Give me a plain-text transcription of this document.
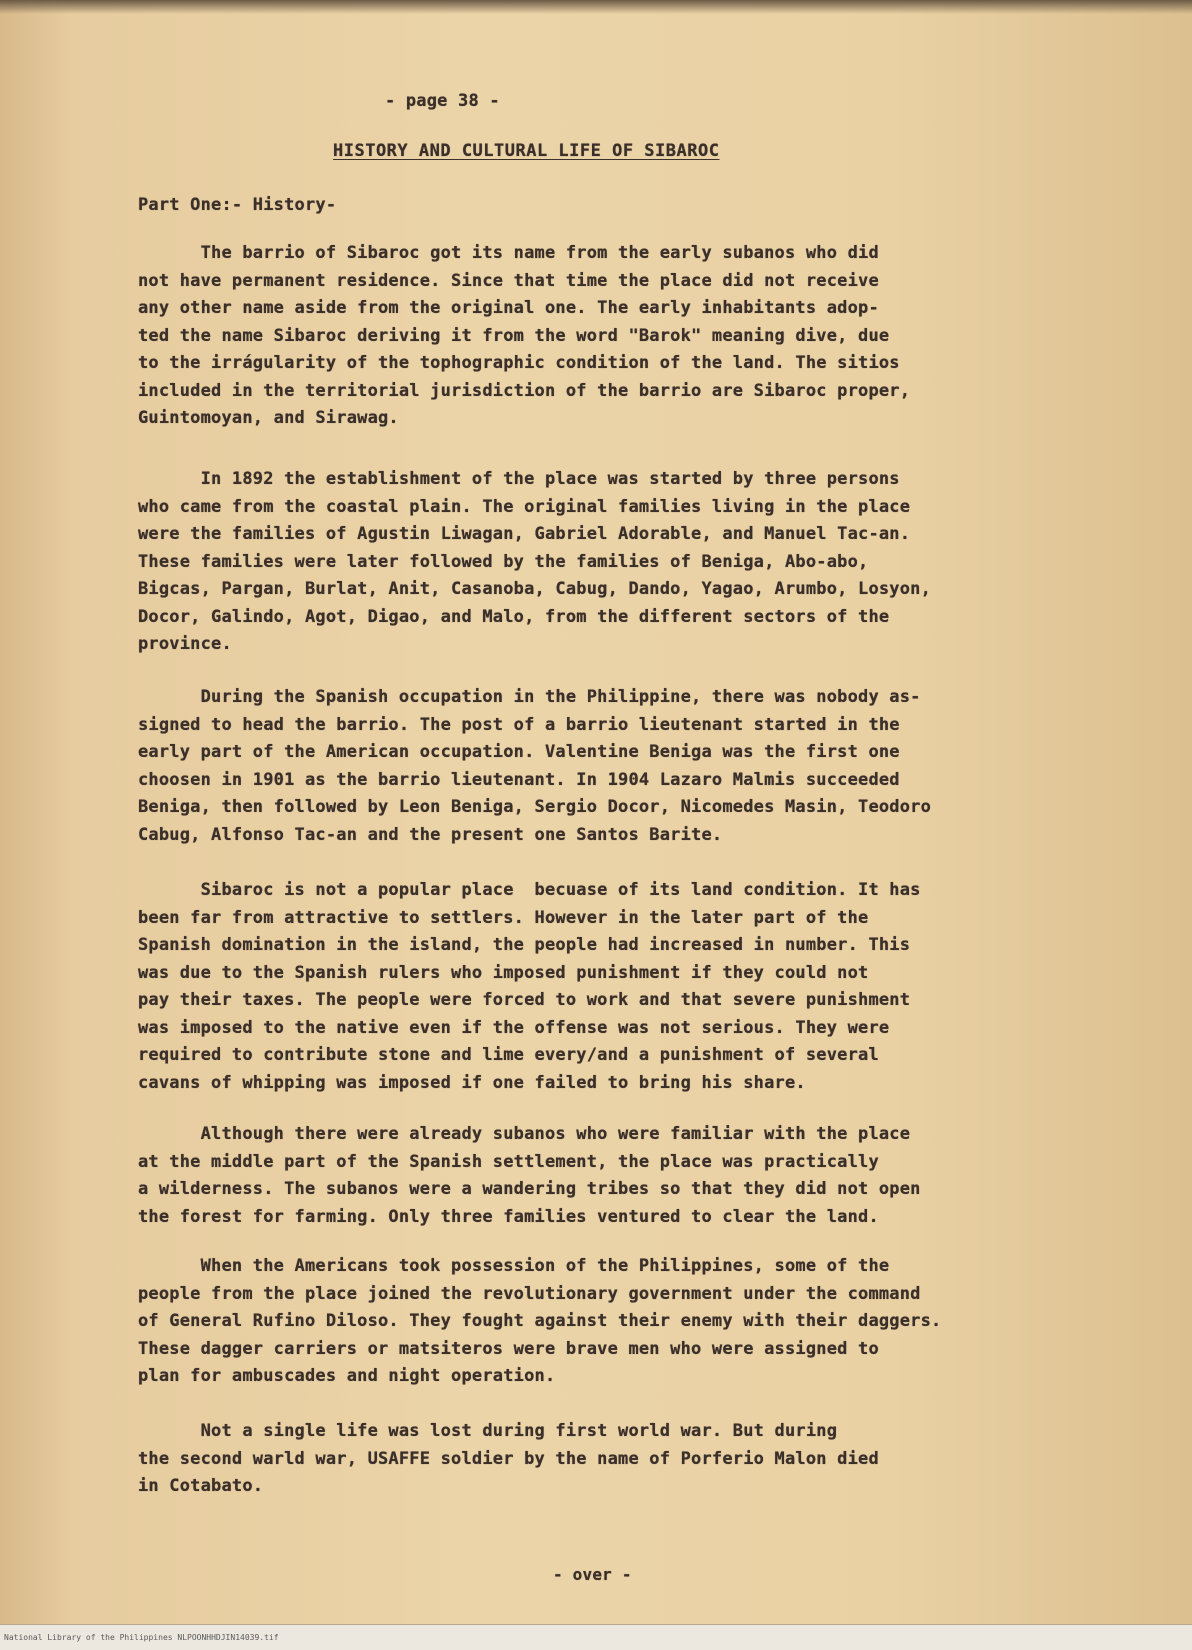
- page 38 -
HISTORY AND CULTURAL LIFE OF SIBAROC
Part One:- History-
The barrio of Sibaroc got its name from the early subanos who did
not have permanent residence. Since that time the place did not receive
any other name aside from the original one. The early inhabitants adop-
ted the name Sibaroc deriving it from the word "Barok" meaning dive, due
to the irrágularity of the tophographic condition of the land. The sitios
included in the territorial jurisdiction of the barrio are Sibaroc proper,
Guintomoyan, and Sirawag.
In 1892 the establishment of the place was started by three persons
who came from the coastal plain. The original families living in the place
were the families of Agustin Liwagan, Gabriel Adorable, and Manuel Tac-an.
These families were later followed by the families of Beniga, Abo-abo,
Bigcas, Pargan, Burlat, Anit, Casanoba, Cabug, Dando, Yagao, Arumbo, Losyon,
Docor, Galindo, Agot, Digao, and Malo, from the different sectors of the
province.
During the Spanish occupation in the Philippine, there was nobody as-
signed to head the barrio. The post of a barrio lieutenant started in the
early part of the American occupation. Valentine Beniga was the first one
choosen in 1901 as the barrio lieutenant. In 1904 Lazaro Malmis succeeded
Beniga, then followed by Leon Beniga, Sergio Docor, Nicomedes Masin, Teodoro
Cabug, Alfonso Tac-an and the present one Santos Barite.
Sibaroc is not a popular place  becuase of its land condition. It has
been far from attractive to settlers. However in the later part of the
Spanish domination in the island, the people had increased in number. This
was due to the Spanish rulers who imposed punishment if they could not
pay their taxes. The people were forced to work and that severe punishment
was imposed to the native even if the offense was not serious. They were
required to contribute stone and lime every/and a punishment of several
cavans of whipping was imposed if one failed to bring his share.
Although there were already subanos who were familiar with the place
at the middle part of the Spanish settlement, the place was practically
a wilderness. The subanos were a wandering tribes so that they did not open
the forest for farming. Only three families ventured to clear the land.
When the Americans took possession of the Philippines, some of the
people from the place joined the revolutionary government under the command
of General Rufino Diloso. They fought against their enemy with their daggers.
These dagger carriers or matsiteros were brave men who were assigned to
plan for ambuscades and night operation.
Not a single life was lost during first world war. But during
the second warld war, USAFFE soldier by the name of Porferio Malon died
in Cotabato.
- over -
National Library of the Philippines NLPOONHHDJIN14039.tif
